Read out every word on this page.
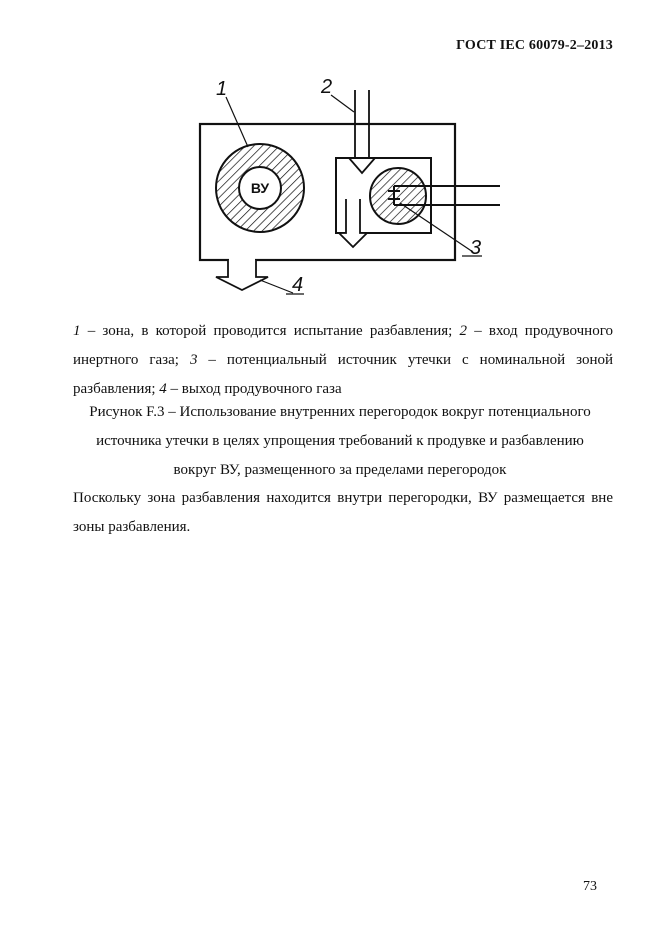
ГОСТ IEC 60079-2–2013
ВУ
1	2
3
4
1 – зона, в которой проводится испытание разбавления; 2 – вход продувочного инертного газа; 3 – потенциальный источник утечки с номинальной зоной разбавления; 4 – выход продувочного газа
Рисунок F.3 – Использование внутренних перегородок вокруг потенциального
источника утечки в целях упрощения требований к продувке и разбавлению
вокруг ВУ, размещенного за пределами перегородок
Поскольку зона разбавления находится внутри перегородки, ВУ размещается вне
зоны разбавления.
73
